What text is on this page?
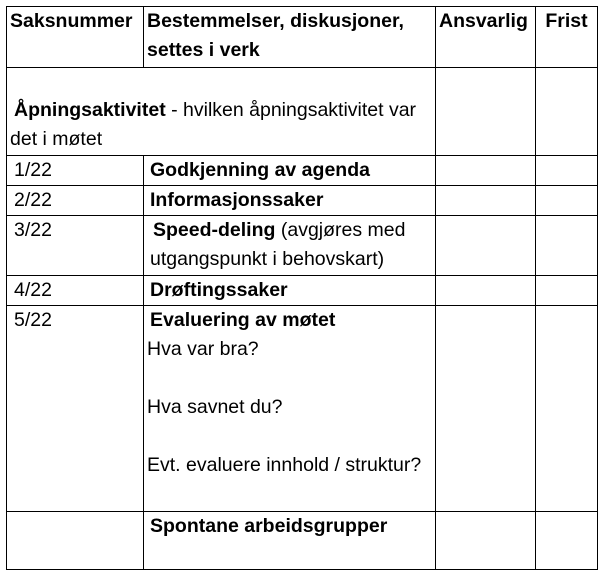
Saksnummer	Bestemmelser, diskusjoner, settes i verk	Ansvarlig	Frist
Åpningsaktivitet - hvilken åpningsaktivitet var det i møtet			
1/22	Godkjenning av agenda		
2/22	Informasjonssaker		
3/22	Speed-deling (avgjøres med utgangspunkt i behovskart)		
4/22	Drøftingssaker		
5/22	Evaluering av møtet
Hva var bra?
Hva savnet du?
Evt. evaluere innhold / struktur?		

	Spontane arbeidsgrupper		
